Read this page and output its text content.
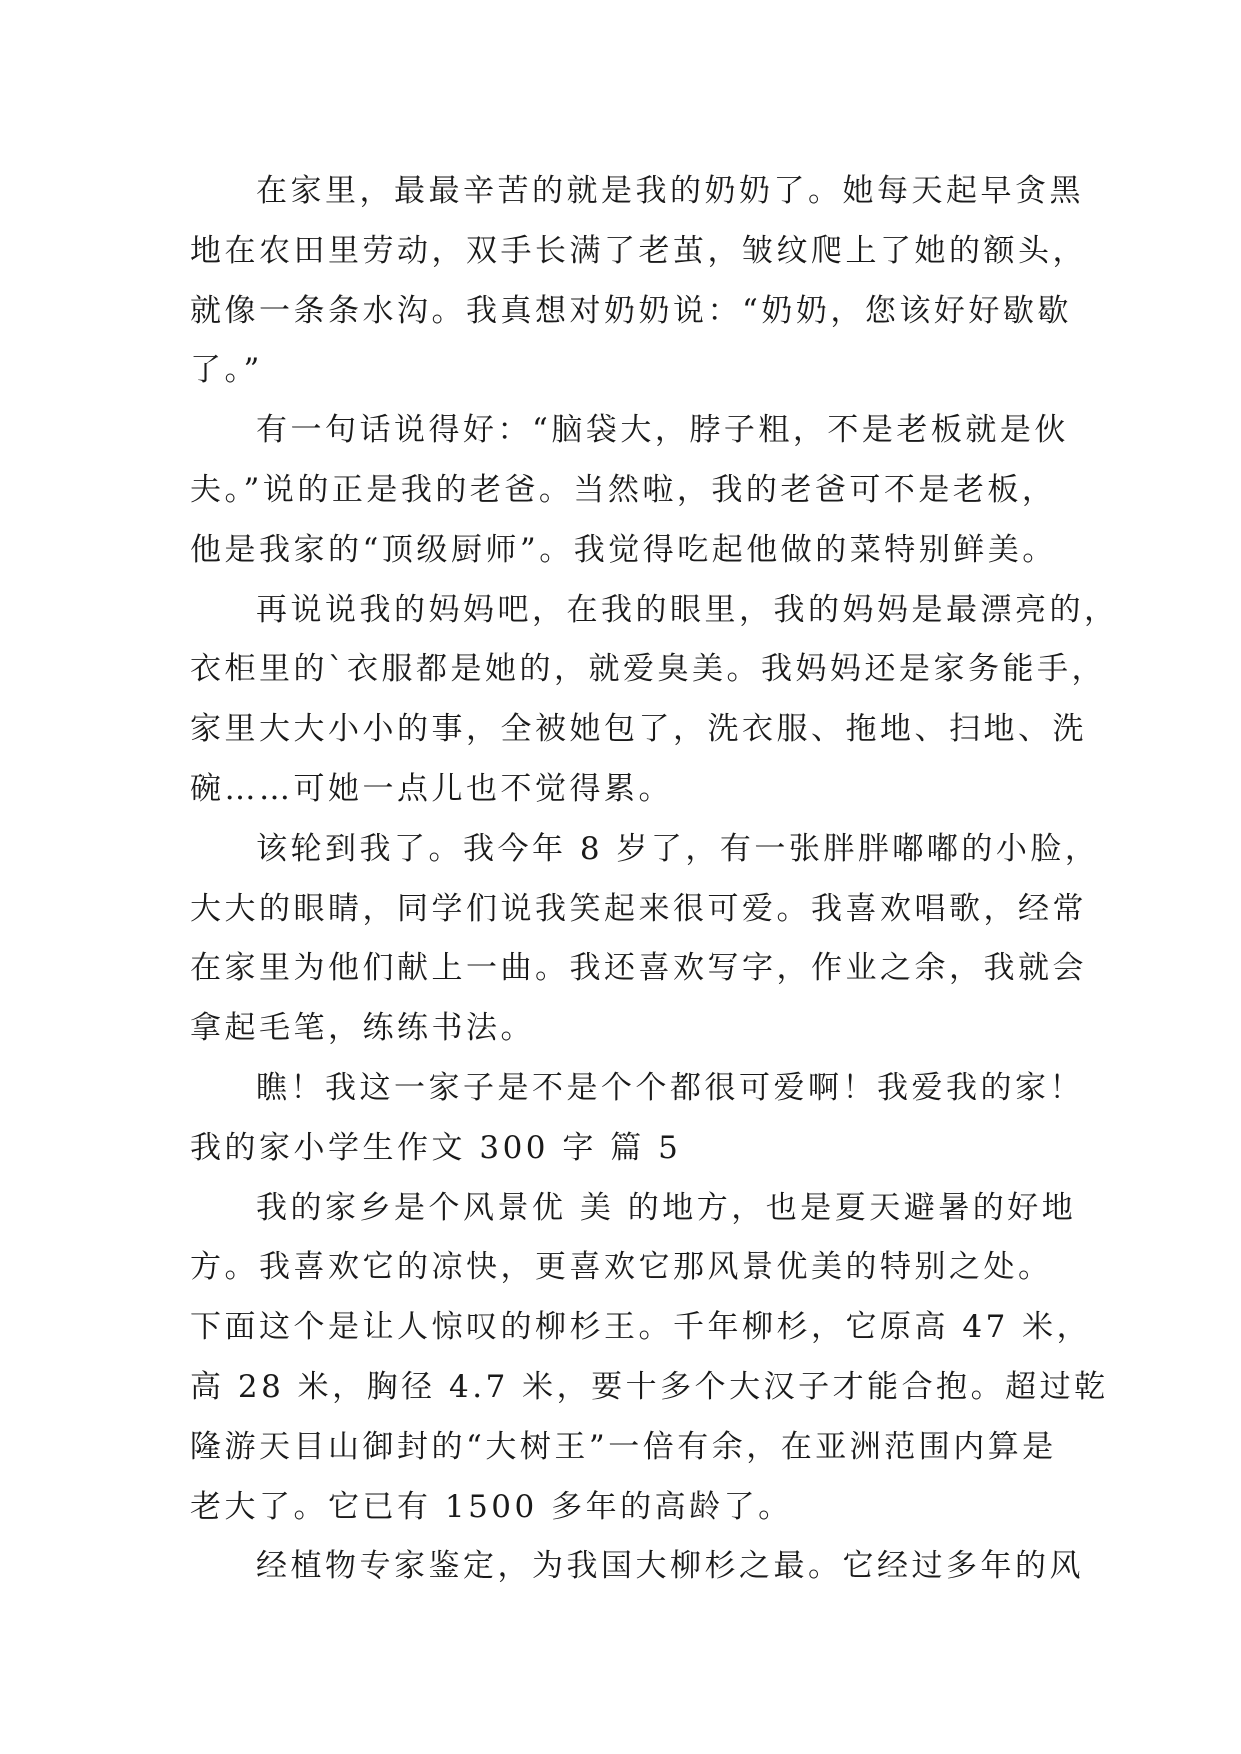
在家里，最最辛苦的就是我的奶奶了。她每天起早贪黑
地在农田里劳动，双手长满了老茧，皱纹爬上了她的额头，
就像一条条水沟。我真想对奶奶说：“奶奶，您该好好歇歇
了。”
有一句话说得好：“脑袋大，脖子粗，不是老板就是伙
夫。”说的正是我的老爸。当然啦，我的老爸可不是老板，
他是我家的“顶级厨师”。我觉得吃起他做的菜特别鲜美。
再说说我的妈妈吧，在我的眼里，我的妈妈是最漂亮的，
衣柜里的`衣服都是她的，就爱臭美。我妈妈还是家务能手，
家里大大小小的事，全被她包了，洗衣服、拖地、扫地、洗
碗……可她一点儿也不觉得累。
该轮到我了。我今年 8 岁了，有一张胖胖嘟嘟的小脸，
大大的眼睛，同学们说我笑起来很可爱。我喜欢唱歌，经常
在家里为他们献上一曲。我还喜欢写字，作业之余，我就会
拿起毛笔，练练书法。
瞧！我这一家子是不是个个都很可爱啊！我爱我的家！
我的家小学生作文 300 字 篇 5
我的家乡是个风景优 美 的地方，也是夏天避暑的好地
方。我喜欢它的凉快，更喜欢它那风景优美的特别之处。
下面这个是让人惊叹的柳杉王。千年柳杉，它原高 47 米，
高 28 米，胸径 4.7 米，要十多个大汉子才能合抱。超过乾
隆游天目山御封的“大树王”一倍有余，在亚洲范围内算是
老大了。它已有 1500 多年的高龄了。
经植物专家鉴定，为我国大柳杉之最。它经过多年的风
